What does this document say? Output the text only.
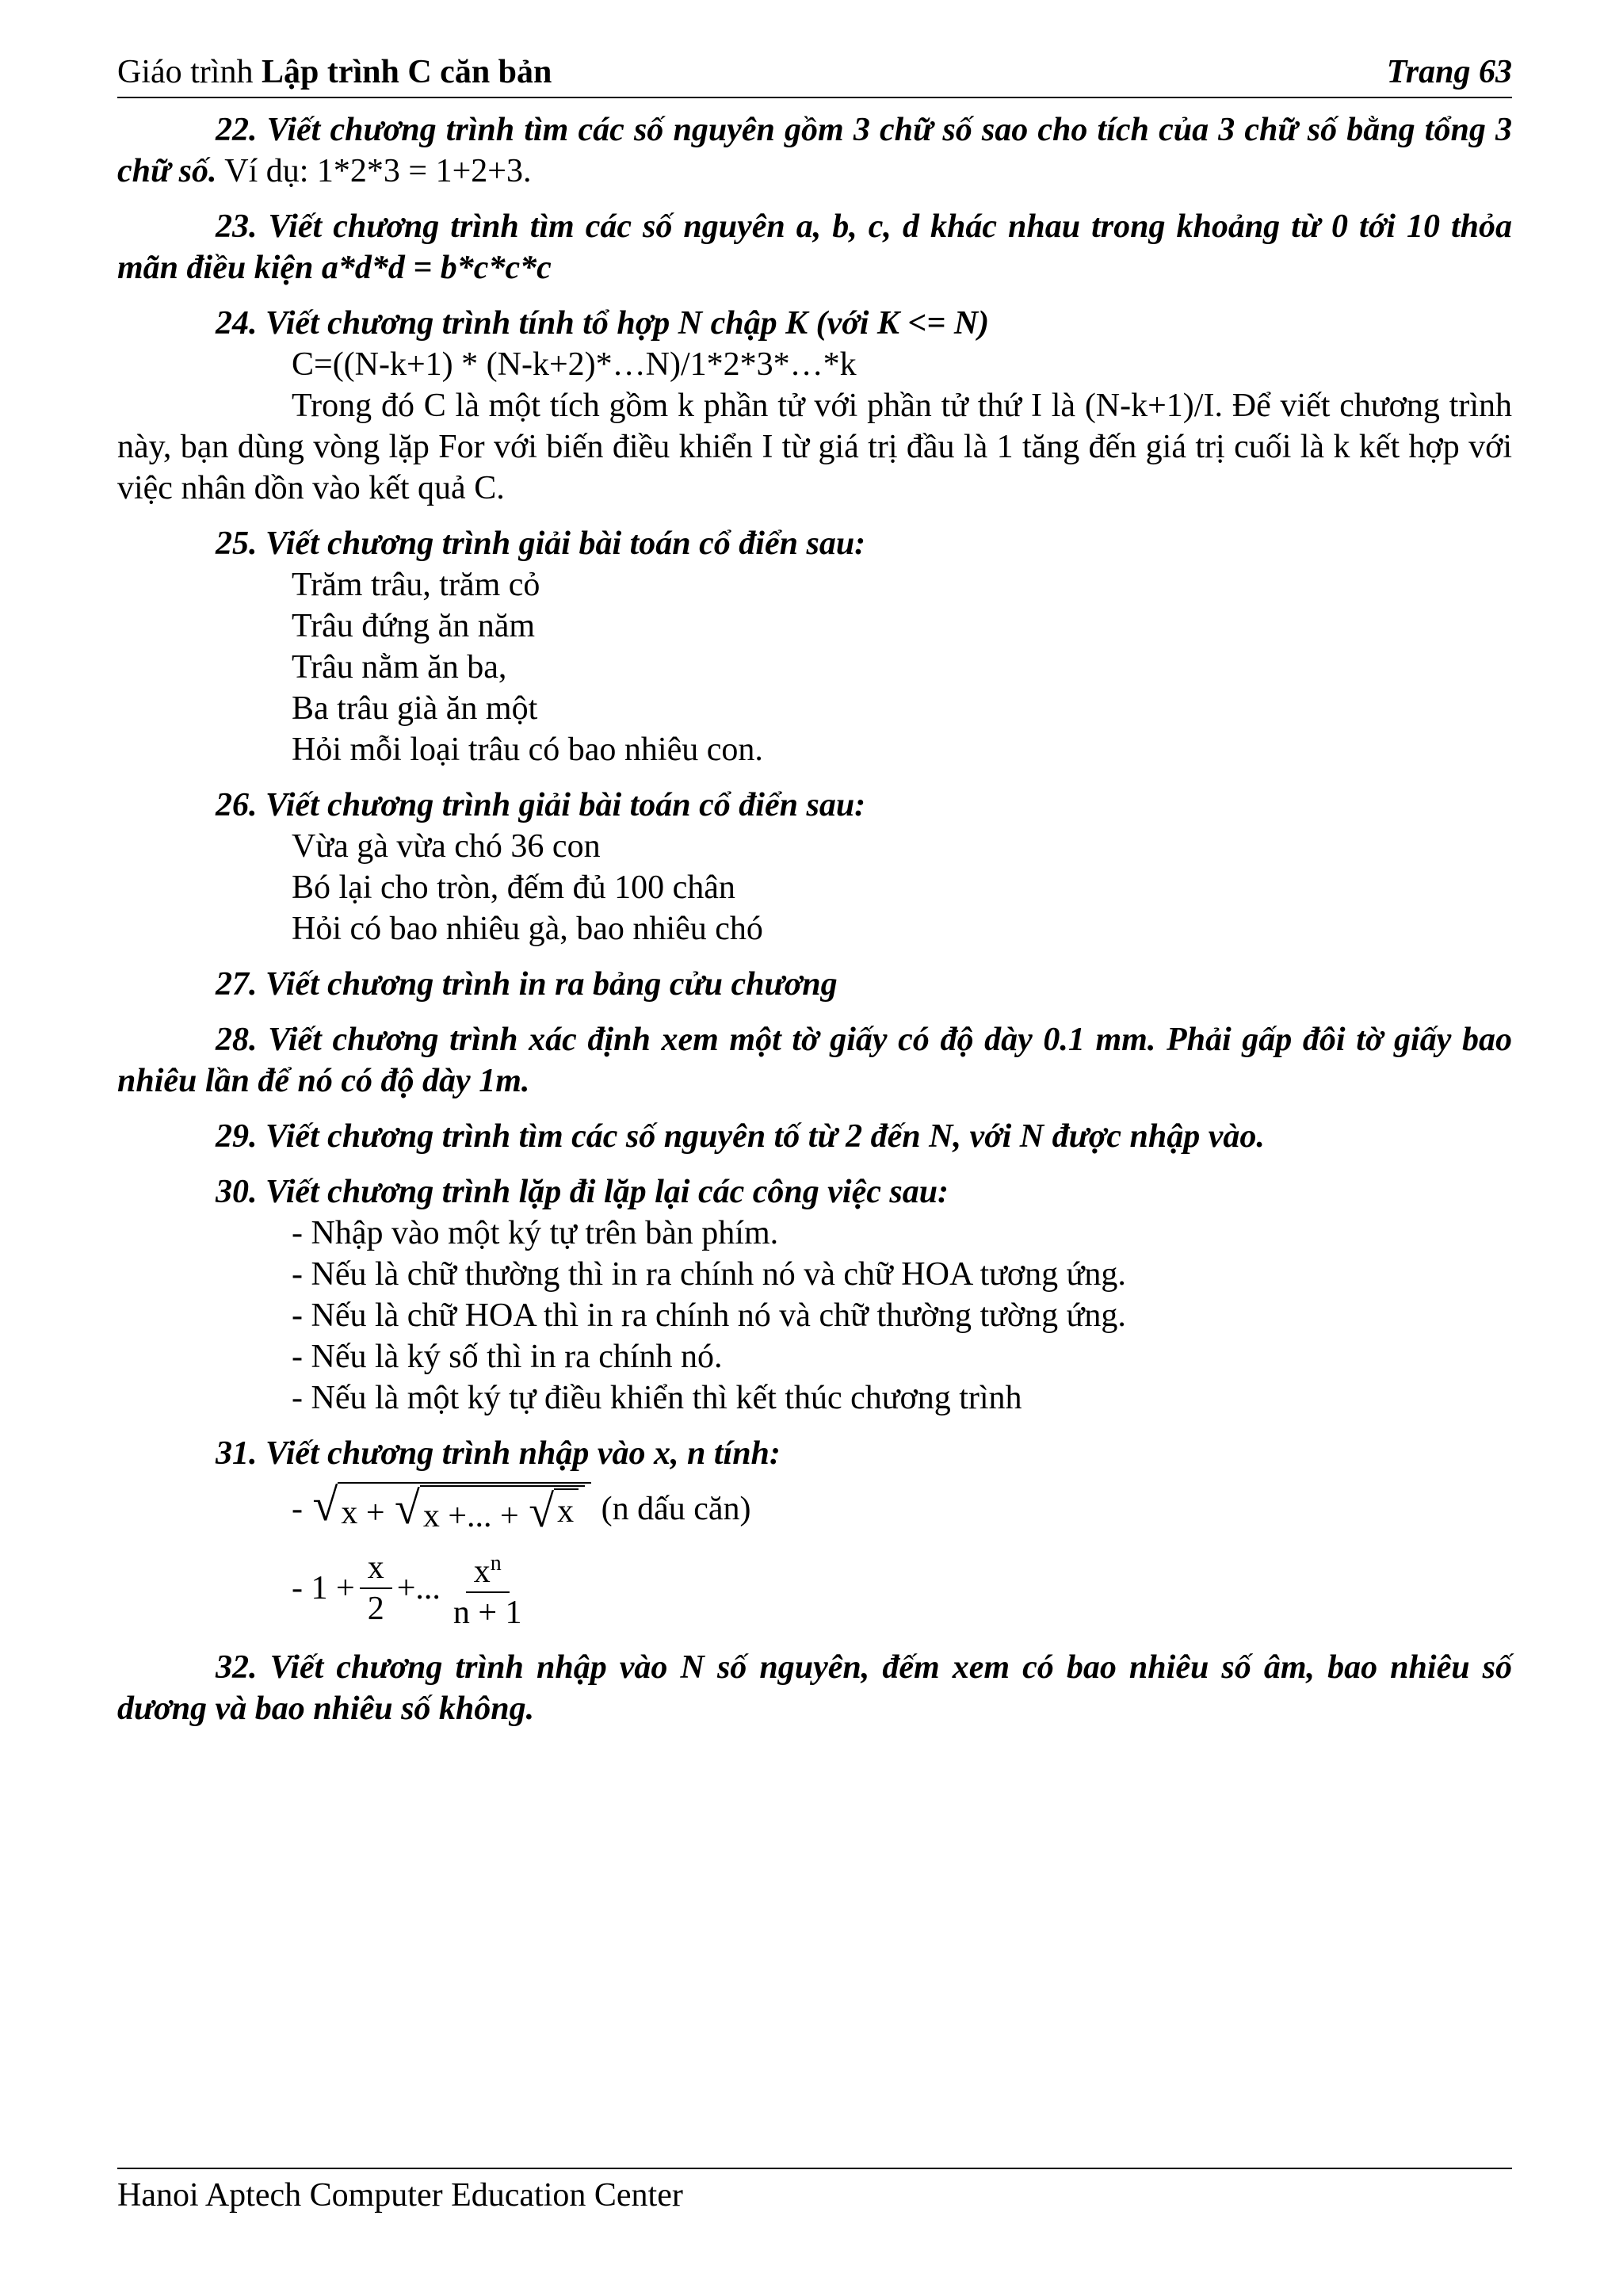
Giáo trình Lập trình C căn bản	Trang 63
22. Viết chương trình tìm các số nguyên gồm 3 chữ số sao cho tích của 3 chữ số bằng tổng 3 chữ số. Ví dụ: 1*2*3 = 1+2+3.
23. Viết chương trình tìm các số nguyên a, b, c, d khác nhau trong khoảng từ 0 tới 10 thỏa mãn điều kiện a*d*d = b*c*c*c
24. Viết chương trình tính tổ hợp N chập K (với K <= N)
C=((N-k+1) * (N-k+2)*…N)/1*2*3*…*k
Trong đó C là một tích gồm k phần tử với phần tử thứ I là (N-k+1)/I. Để viết chương trình này, bạn dùng vòng lặp For với biến điều khiển I từ giá trị đầu là 1 tăng đến giá trị cuối là k kết hợp với việc nhân dồn vào kết quả C.
25. Viết chương trình giải bài toán cổ điển sau:
Trăm trâu, trăm cỏ
Trâu đứng ăn năm
Trâu nằm ăn ba,
Ba trâu già ăn một
Hỏi mỗi loại trâu có bao nhiêu con.
26. Viết chương trình giải bài toán cổ điển sau:
Vừa gà vừa chó 36 con
Bó lại cho tròn, đếm đủ 100 chân
Hỏi có bao nhiêu gà, bao nhiêu chó
27. Viết chương trình in ra bảng cửu chương
28. Viết chương trình xác định xem một tờ giấy có độ dày 0.1 mm. Phải gấp đôi tờ giấy bao nhiêu lần để nó có độ dày 1m.
29. Viết chương trình tìm các số nguyên tố từ 2 đến N, với N được nhập vào.
30. Viết chương trình lặp đi lặp lại các công việc sau:
- Nhập vào một ký tự trên bàn phím.
- Nếu là chữ thường thì in ra chính nó và chữ HOA tương ứng.
- Nếu là chữ HOA thì in ra chính nó và chữ thường tường ứng.
- Nếu là ký số thì in ra chính nó.
- Nếu là một ký tự điều khiển thì kết thúc chương trình
31. Viết chương trình nhập vào x, n tính:
-
√ x + √ x +... + √ x
(n dấu căn)
- $1 + \frac{x}{2}$ +... $\frac{x^n}{n + 1}$
32. Viết chương trình nhập vào N số nguyên, đếm xem có bao nhiêu số âm, bao nhiêu số dương và bao nhiêu số không.
Hanoi Aptech Computer Education Center
